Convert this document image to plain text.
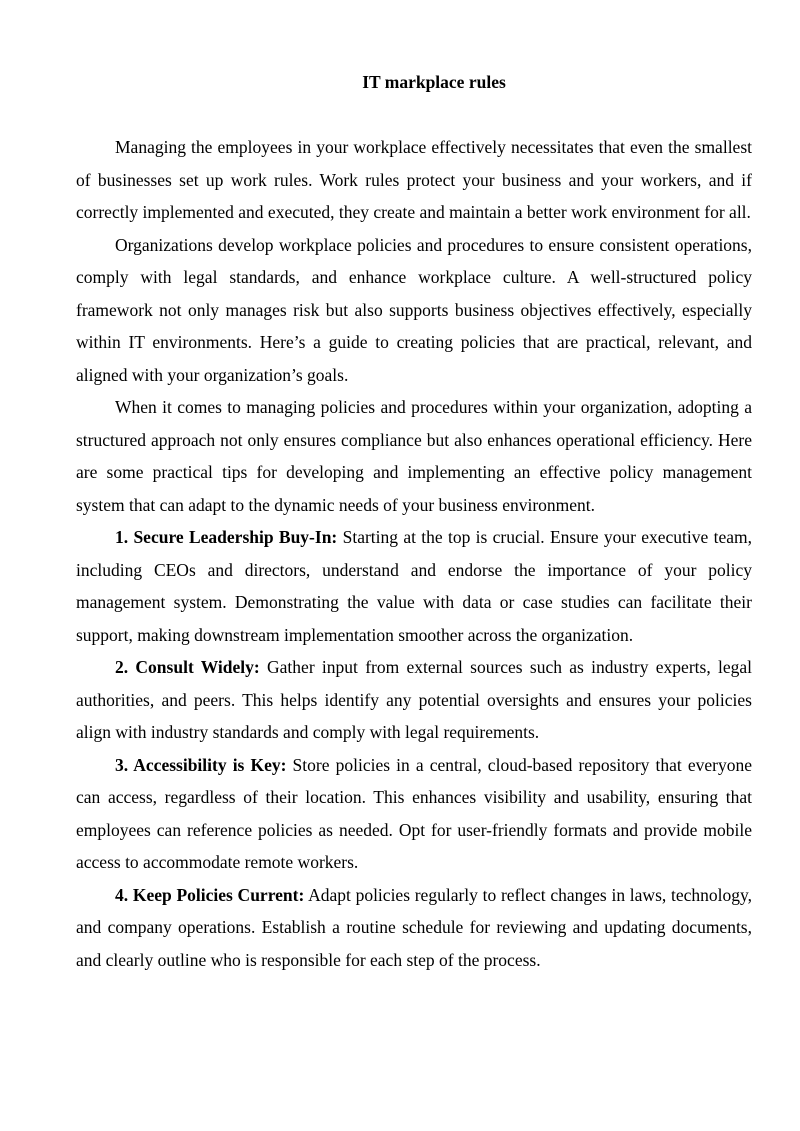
IT markplace rules

Managing the employees in your workplace effectively necessitates that even the smallest of businesses set up work rules. Work rules protect your business and your workers, and if correctly implemented and executed, they create and maintain a better work environment for all.

Organizations develop workplace policies and procedures to ensure consistent operations, comply with legal standards, and enhance workplace culture. A well-structured policy framework not only manages risk but also supports business objectives effectively, especially within IT environments. Here’s a guide to creating policies that are practical, relevant, and aligned with your organization’s goals.

When it comes to managing policies and procedures within your organization, adopting a structured approach not only ensures compliance but also enhances operational efficiency. Here are some practical tips for developing and implementing an effective policy management system that can adapt to the dynamic needs of your business environment.

1. Secure Leadership Buy-In: Starting at the top is crucial. Ensure your executive team, including CEOs and directors, understand and endorse the importance of your policy management system. Demonstrating the value with data or case studies can facilitate their support, making downstream implementation smoother across the organization.

2. Consult Widely: Gather input from external sources such as industry experts, legal authorities, and peers. This helps identify any potential oversights and ensures your policies align with industry standards and comply with legal requirements.

3. Accessibility is Key: Store policies in a central, cloud-based repository that everyone can access, regardless of their location. This enhances visibility and usability, ensuring that employees can reference policies as needed. Opt for user-friendly formats and provide mobile access to accommodate remote workers.

4. Keep Policies Current: Adapt policies regularly to reflect changes in laws, technology, and company operations. Establish a routine schedule for reviewing and updating documents, and clearly outline who is responsible for each step of the process.
